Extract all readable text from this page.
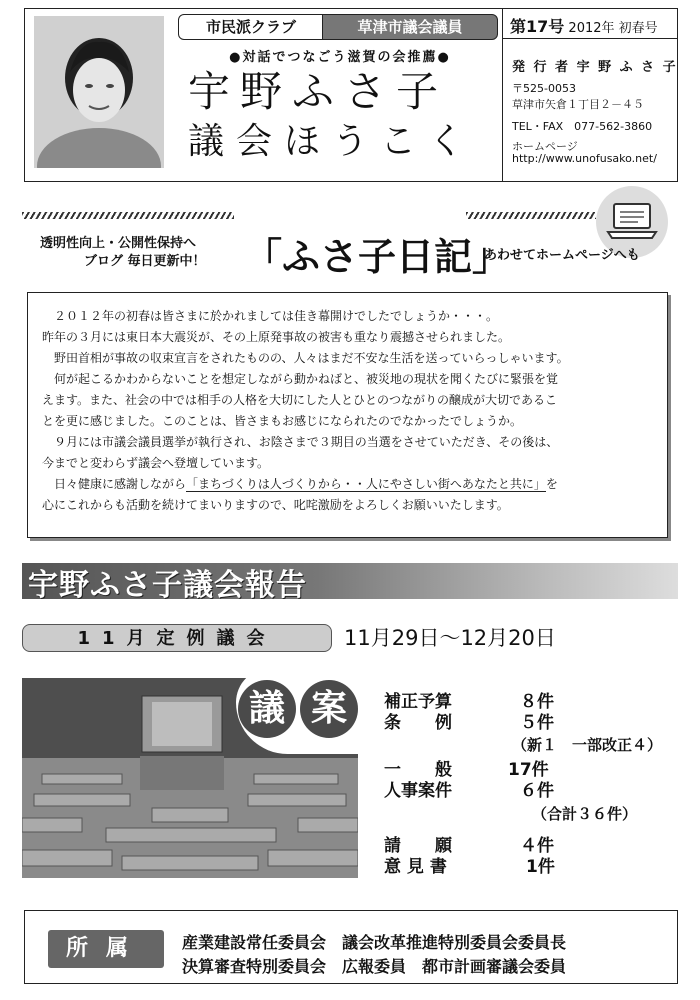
市民派クラブ	草津市議会議員
●対話でつなごう滋賀の会推薦●
宇野ふさ子
議会ほうこく
第17号 2012年 初春号
発 行 者 宇 野 ふ さ 子
〒525-0053
草津市矢倉１丁目２－４５
TEL・FAX　077-562-3860
ホームページ
http://www.unofusako.net/
透明性向上・公開性保持へ
ブログ 毎日更新中！ 「ふさ子日記」
あわせてホームページへも
　２０１２年の初春は皆さまに於かれましては佳き幕開けでしたでしょうか・・・。
昨年の３月には東日本大震災が、その上原発事故の被害も重なり震撼させられました。
　野田首相が事故の収束宣言をされたものの、人々はまだ不安な生活を送っていらっしゃいます。
　何が起こるかわからないことを想定しながら動かねばと、被災地の現状を聞くたびに緊張を覚
えます。また、社会の中では相手の人格を大切にした人とひとのつながりの醸成が大切であるこ
とを更に感じました。このことは、皆さまもお感じになられたのでなかったでしょうか。
　９月には市議会議員選挙が執行され、お陰さまで３期目の当選をさせていただき、その後は、
今までと変わらず議会へ登壇しています。
　日々健康に感謝しながら「まちづくりは人づくりから・・人にやさしい街へあなたと共に」を
心にこれからも活動を続けてまいりますので、叱咤激励をよろしくお願いいたします。
宇野ふさ子議会報告
11月定例議会	11月29日〜12月20日
議 案	補正予算	８件
条　　例	５件
（新１　一部改正４）
一　　般	17件
人事案件	６件
（合計３６件）
請　　願	４件
意 見 書	1件
所属	産業建設常任委員会　議会改革推進特別委員会委員長
決算審査特別委員会　広報委員　都市計画審議会委員
